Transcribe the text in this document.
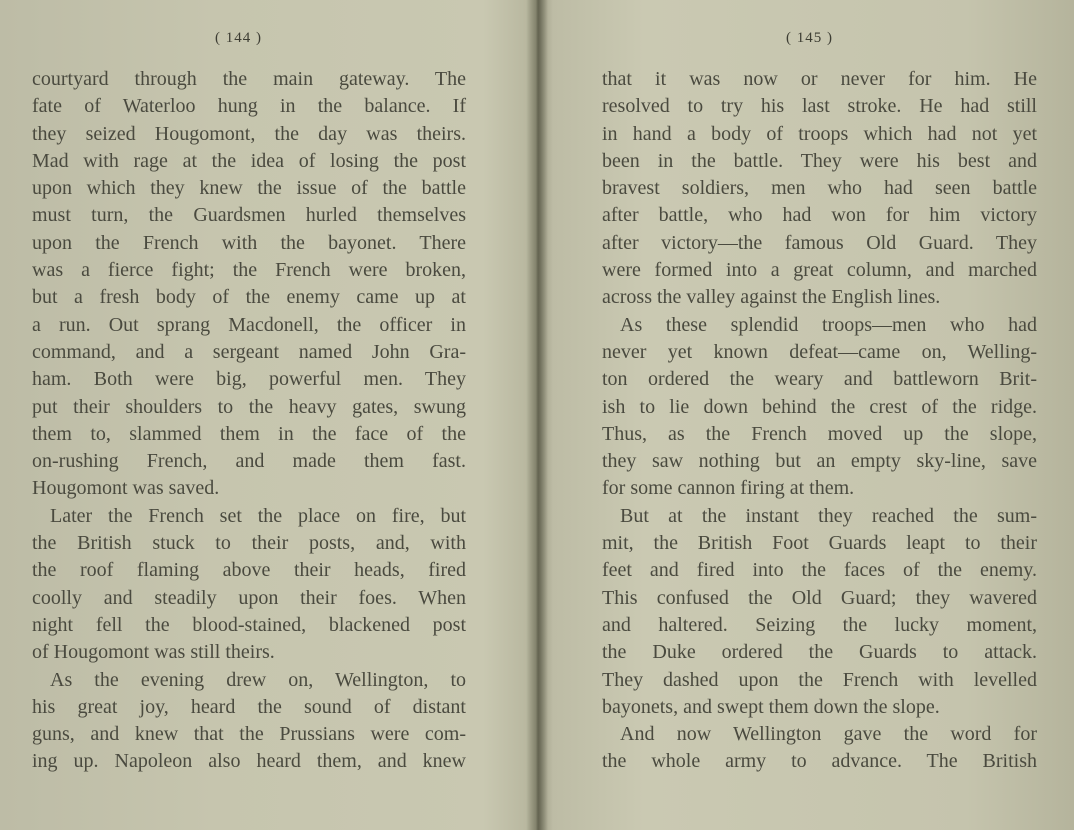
( 144 )
courtyard through the main gateway. The
fate of Waterloo hung in the balance. If
they seized Hougomont, the day was theirs.
Mad with rage at the idea of losing the post
upon which they knew the issue of the battle
must turn, the Guardsmen hurled themselves
upon the French with the bayonet. There
was a fierce fight; the French were broken,
but a fresh body of the enemy came up at
a run. Out sprang Macdonell, the officer in
command, and a sergeant named John Gra-
ham. Both were big, powerful men. They
put their shoulders to the heavy gates, swung
them to, slammed them in the face of the
on-rushing French, and made them fast.
Hougomont was saved.
Later the French set the place on fire, but
the British stuck to their posts, and, with
the roof flaming above their heads, fired
coolly and steadily upon their foes. When
night fell the blood-stained, blackened post
of Hougomont was still theirs.
As the evening drew on, Wellington, to
his great joy, heard the sound of distant
guns, and knew that the Prussians were com-
ing up. Napoleon also heard them, and knew
( 145 )
that it was now or never for him. He
resolved to try his last stroke. He had still
in hand a body of troops which had not yet
been in the battle. They were his best and
bravest soldiers, men who had seen battle
after battle, who had won for him victory
after victory—the famous Old Guard. They
were formed into a great column, and marched
across the valley against the English lines.
As these splendid troops—men who had
never yet known defeat—came on, Welling-
ton ordered the weary and battleworn Brit-
ish to lie down behind the crest of the ridge.
Thus, as the French moved up the slope,
they saw nothing but an empty sky-line, save
for some cannon firing at them.
But at the instant they reached the sum-
mit, the British Foot Guards leapt to their
feet and fired into the faces of the enemy.
This confused the Old Guard; they wavered
and haltered. Seizing the lucky moment,
the Duke ordered the Guards to attack.
They dashed upon the French with levelled
bayonets, and swept them down the slope.
And now Wellington gave the word for
the whole army to advance. The British
